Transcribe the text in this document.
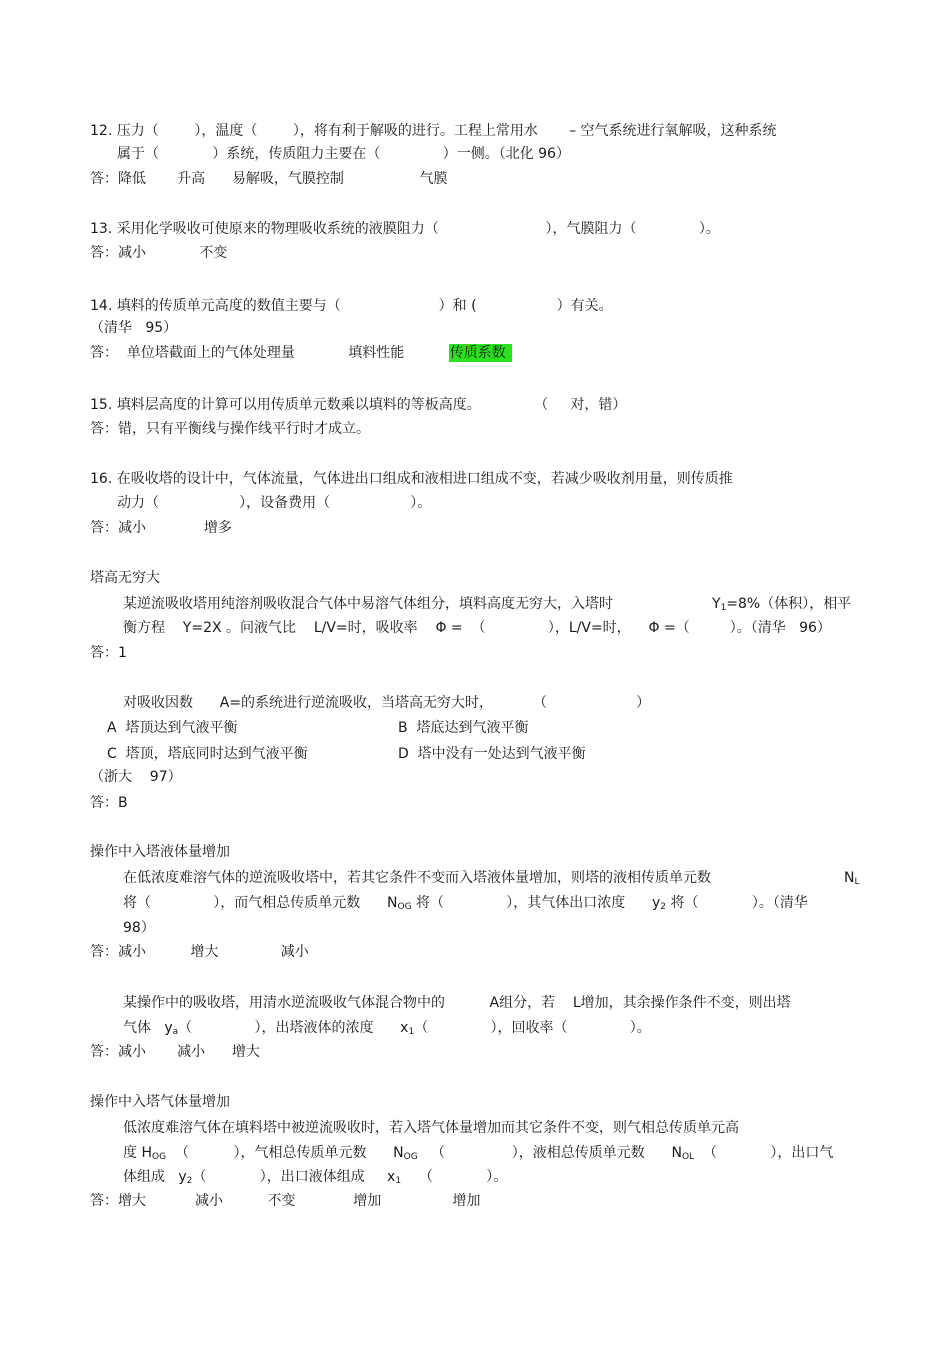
12. 压力（        ），温度（        ），将有利于解吸的进行。工程上常用水       – 空气系统进行氧解吸，这种系统
属于（            ）系统，传质阻力主要在（              ）一侧。（北化 96）
答：降低       升高      易解吸，气膜控制                 气膜
13. 采用化学吸收可使原来的物理吸收系统的液膜阻力（                        ），气膜阻力（              ）。
答：减小            不变
14. 填料的传质单元高度的数值主要与（                      ）和 (                  ）有关。
（清华   95）
答：  单位塔截面上的气体处理量            填料性能          传质系数
15. 填料层高度的计算可以用传质单元数乘以填料的等板高度。            （     对，错）
答：错，只有平衡线与操作线平行时才成立。
16. 在吸收塔的设计中，气体流量，气体进出口组成和液相进口组成不变，若减少吸收剂用量，则传质推
动力（                  ），设备费用（                  ）。
答：减小             增多
塔高无穷大
某逆流吸收塔用纯溶剂吸收混合气体中易溶气体组分，填料高度无穷大，入塔时	$Y_1=8\%$（体积），相平
衡方程    Y=2X 。问液气比    L/V=时，吸收率    Φ =  （              ），L/V=时，    Φ =（         ）。（清华   96）
答：1
对吸收因数      A=的系统进行逆流吸收，当塔高无穷大时，         （                    ）
A  塔顶达到气液平衡	B  塔底达到气液平衡
C  塔顶，塔底同时达到气液平衡	D  塔中没有一处达到气液平衡
（浙大    97）
答：B
操作中入塔液体量增加
在低浓度难溶气体的逆流吸收塔中，若其它条件不变而入塔液体量增加，则塔的液相传质单元数	$N_L$
将（              ），而气相总传质单元数      $N_{OG}$ 将（              ），其气体出口浓度      $y_2$ 将（            ）。（清华
98）
答：减小          增大              减小
某操作中的吸收塔，用清水逆流吸收气体混合物中的          A组分，若    L增加，其余操作条件不变，则出塔
气体   $y_a$（              ），出塔液体的浓度      $x_1$（              ），回收率（              ）。
答：减小       减小      增大
操作中入塔气体量增加
低浓度难溶气体在填料塔中被逆流吸收时，若入塔气体量增加而其它条件不变，则气相总传质单元高
度 $H_{OG}$  （          ），气相总传质单元数      $N_{OG}$   （               ），液相总传质单元数      $N_{OL}$  （            ），出口气
体组成   $y_2$（            ），出口液体组成     $x_1$    （            ）。
答：增大           减小          不变             增加                增加
